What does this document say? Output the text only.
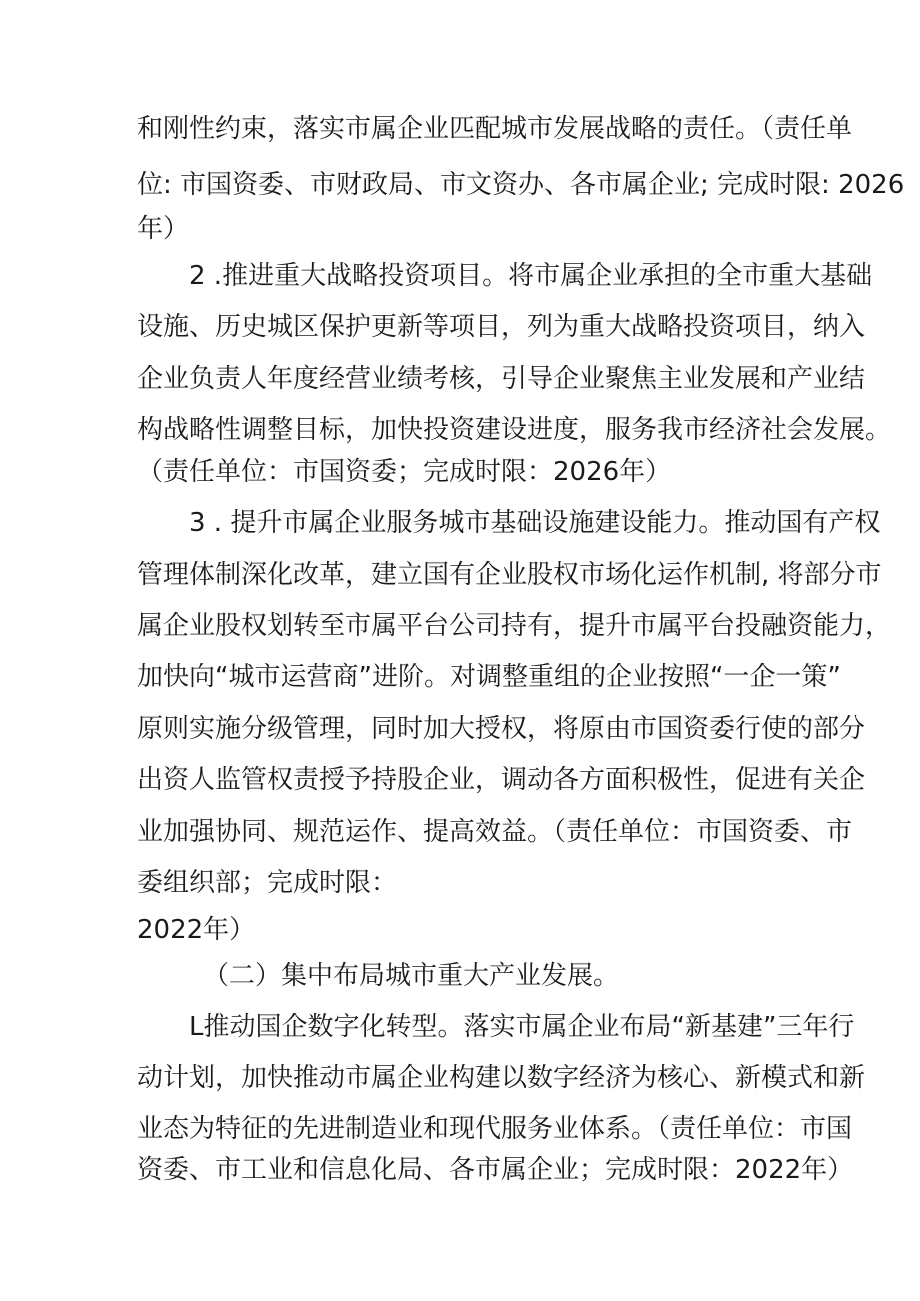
和刚性约束，落实市属企业匹配城市发展战略的责任。（责任单
位: 市国资委、市财政局、市文资办、各市属企业; 完成时限: 2026
年）
2 .推进重大战略投资项目。将市属企业承担的全市重大基础
设施、历史城区保护更新等项目，列为重大战略投资项目，纳入
企业负责人年度经营业绩考核，引导企业聚焦主业发展和产业结
构战略性调整目标，加快投资建设进度，服务我市经济社会发展。
（责任单位：市国资委；完成时限：2026年）
3 . 提升市属企业服务城市基础设施建设能力。推动国有产权
管理体制深化改革，建立国有企业股权市场化运作机制, 将部分市
属企业股权划转至市属平台公司持有，提升市属平台投融资能力，
加快向“城市运营商”进阶。对调整重组的企业按照“一企一策”
原则实施分级管理，同时加大授权，将原由市国资委行使的部分
出资人监管权责授予持股企业，调动各方面积极性，促进有关企
业加强协同、规范运作、提高效益。（责任单位：市国资委、市
委组织部；完成时限：
2022年）
（二）集中布局城市重大产业发展。
L推动国企数字化转型。落实市属企业布局“新基建”三年行
动计划，加快推动市属企业构建以数字经济为核心、新模式和新
业态为特征的先进制造业和现代服务业体系。（责任单位：市国
资委、市工业和信息化局、各市属企业；完成时限：2022年）
